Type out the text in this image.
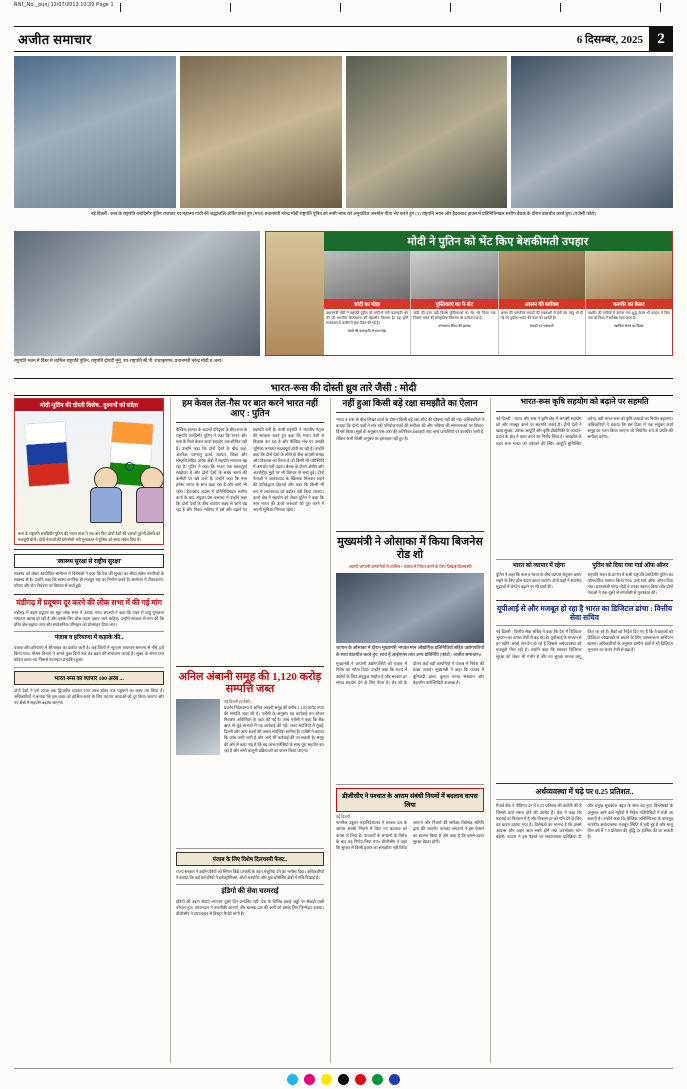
RNI_No._punj 12/07/2013 10:39 Page 1
अजीत समाचार	6 दिसम्बर, 2025 2
नई दिल्ली : रूस के राष्ट्रपति व्लादिमीर पुतिन राजघाट पर महात्मा गांधी की श्रद्धांजलि अर्पित करते हुए (मध्य) प्रधानमंत्री नरेन्द्र मोदी राष्ट्रपति पुतिन को रूसी भाषा को अनुवादित अनमोल गीता भेंट करते हुए (3) राष्ट्रपति भवन और हैदराबाद हाउस में प्रतिनिधिमंडल स्तरीय बैठक के दौरान बातचीत करते हुए। (एजेंसी फोटो)
मोदी ने पुतिन को भेंट किए बेशकीमती उपहार
चांदी का घोड़ा
प्रधानमंत्री मोदी ने राष्ट्रपति पुतिन को चांदी से बनी कलाकृति भेंट की जो भारतीय शिल्पकला की बेहतरीन मिसाल है। यह कृति राजस्थान के कारीगरों द्वारा तैयार की गई है।
चांदी की कलाकृति से बना घोड़ा
पुस्तिकाएं का पै-सेट
चांदी की परत चढ़ी विशेष पुस्तिकाओं का सेट भेंट किया गया जिसमें भारत की सांस्कृतिक विरासत को दर्शाया गया है।
परंपरागत शिल्प की झलक
आसम की ब्लॉक्स
असम की पारंपरिक लकड़ी की नक्काशी से बनी भेंट वस्तु भी दी गई जो पूर्वोत्तर भारत की कला को दर्शाती है।
लकड़ी पर नक्काशी
कश्मीर का केसर
कश्मीर की वादियों में उगाया गया शुद्ध केसर भी उपहार में दिया गया जो विश्व में सर्वश्रेष्ठ माना जाता है।
खालिस केसर का डिब्बा
राष्ट्रपति भवन में विंडर में शामिल राष्ट्रपति पुतिन, राष्ट्रपति द्रौपदी मुर्मू, उप-राष्ट्रपति सी.पी. राधाकृष्णन, प्रधानमंत्री नरेन्द्र मोदी व अन्य।
भारत-रूस की दोस्ती ध्रुव तारे जैसी : मोदी
मोदी-पुतिन की दोस्ती विशेष.. दुश्मनों को संदेश
रूस के राष्ट्रपति व्लादिमीर पुतिन की भारत यात्रा ने एक बार फिर दोनों देशों की दशकों पुरानी दोस्ती को मजबूती दी है। दोनों नेताओं की गर्मजोशी भरी मुलाकात ने दुनिया को साफ संदेश दिया है।
'स्वास्थ्य सुरक्षा से राष्ट्रीय सुरक्षा'
स्वास्थ्य को लेकर आयोजित सम्मेलन में विशेषज्ञों ने कहा कि देश की सुरक्षा का सीधा संबंध नागरिकों के स्वास्थ्य से है। उन्होंने कहा कि स्वस्थ नागरिक ही मजबूत राष्ट्र का निर्माण करते हैं। सम्मेलन में टीकाकरण, पोषण और रोग नियंत्रण पर विस्तार से चर्चा हुई।
चंडीगढ़ में प्रदूषण दूर करने की लोक सभा में की गई मांग
चंडीगढ़ में बढ़ते प्रदूषण का मुद्दा लोक सभा में उठाया गया। सदस्यों ने कहा कि शहर में वायु गुणवत्ता लगातार खराब हो रही है और इसके लिए ठोस कदम उठाए जाने चाहिए। उन्होंने सरकार से मांग की कि हरित क्षेत्र बढ़ाया जाए और सार्वजनिक परिवहन को प्रोत्साहन दिया जाए।
पंजाब व हरियाणा में कड़ाके की..
पंजाब और हरियाणा में शीतलहर का प्रकोप जारी है। कई जिलों में न्यूनतम तापमान सामान्य से नीचे दर्ज किया गया। मौसम विभाग ने अगले कुछ दिनों तक ठंड बढ़ने की संभावना जताई है। सुबह के समय घना कोहरा छाया रहा जिससे यातायात प्रभावित हुआ।
भारत-रूस का व्यापार 100 अरब ...
दोनों देशों ने वर्ष 2030 तक द्विपक्षीय व्यापार 100 अरब डॉलर तक पहुंचाने का लक्ष्य तय किया है। अधिकारियों ने बताया कि इस लक्ष्य को हासिल करने के लिए व्यापार बाधाओं को दूर किया जाएगा और नए क्षेत्रों में सहयोग बढ़ाया जाएगा।
हम केवल तेल-गैस पर बात करने भारत नहीं आए : पुतिन
वैश्विक हालात के बदलते परिदृश्य के बीच रूस के राष्ट्रपति व्लादिमीर पुतिन ने कहा कि भारत और रूस के रिश्ते केवल ऊर्जा सहयोग तक सीमित नहीं हैं। उन्होंने कहा कि दोनों देशों के बीच रक्षा, अंतरिक्ष, परमाणु ऊर्जा, व्यापार, शिक्षा और संस्कृति सहित अनेक क्षेत्रों में सहयोग लगातार बढ़ रहा है। पुतिन ने कहा कि भारत एक महत्वपूर्ण साझेदार है और दोनों देशों के संबंध समय की कसौटी पर खरे उतरे हैं। उन्होंने कहा कि रूस हमेशा भारत के साथ खड़ा रहा है और आगे भी रहेगा। हैदराबाद हाउस में प्रतिनिधिमंडल स्तरीय वार्ता के बाद संयुक्त प्रेस वक्तव्य में उन्होंने कहा कि दोनों देशों के बीच व्यापार लक्ष्य से आगे बढ़ रहा है और निकट भविष्य में इसे और बढ़ाने पर सहमति बनी है। रूसी राष्ट्रपति ने भारतीय नेतृत्व की सराहना करते हुए कहा कि भारत तेजी से विकास कर रहा है और वैश्विक मंच पर उसकी भूमिका लगातार महत्वपूर्ण होती जा रही है। उन्होंने कहा कि दोनों देशों के लोगों के बीच आपसी समझ और विश्वास का रिश्ता है जो किसी भी परिस्थिति में कमजोर नहीं पड़ता। बैठक के दौरान क्षेत्रीय और अंतर्राष्ट्रीय मुद्दों पर भी विस्तार से चर्चा हुई। दोनों नेताओं ने आतंकवाद के खिलाफ मिलकर लड़ने की प्रतिबद्धता दोहराई और कहा कि किसी भी रूप में आतंकवाद को बर्दाश्त नहीं किया जाएगा। ऊर्जा क्षेत्र में सहयोग को लेकर पुतिन ने कहा कि रूस भारत की ऊर्जा जरूरतों को पूरा करने में अपनी भूमिका निभाता रहेगा।
अनिल अंबानी समूह की 1,120 करोड़ सम्पत्ति जब्त
नई दिल्ली (एजेंसी) :
प्रवर्तन निदेशालय ने अनिल अंबानी समूह की करीब 1,120 करोड़ रुपए की सम्पत्ति जब्त की है। एजेंसी के अनुसार यह कार्रवाई धन शोधन निवारण अधिनियम के तहत की गई है। जांच एजेंसी ने कहा कि बैंक ऋण से जुड़े मामलों में यह कार्रवाई की गई। जब्त संपत्तियों में मुंबई, दिल्ली और अन्य शहरों की अचल संपत्तियां शामिल हैं। एजेंसी ने बताया कि जांच अभी जारी है और आगे भी कार्रवाई की जा सकती है। समूह की ओर से कहा गया है कि वह जांच एजेंसियों के साथ पूरा सहयोग कर रहा है और सभी कानूनी प्रक्रियाओं का पालन किया जाएगा।
पंजाब के लिए विशेष दिलचस्पी फैक्ट..
राज्य सरकार ने उद्योगपतियों को सिंगल विंडो प्रणाली के तहत मंजूरियां देने का भरोसा दिया। अधिकारियों ने बताया कि कई कम्पनियों ने इलेक्ट्रॉनिक्स, ऑटो कम्पोनेंट और फूड प्रोसेसिंग क्षेत्रों में रुचि दिखाई है।
इंडिगो की सेवा चरमराई
इंडिगो की उड़ान सेवाएं लगातार दूसरे दिन प्रभावित रहीं। देश के विभिन्न हवाई अड्डों पर सैकड़ों यात्री परेशान हुए। एयरलाइन ने तकनीकी कारणों और चालक दल की कमी को इसके लिए जिम्मेदार बताया। डीजीसीए ने एयरलाइन से विस्तृत रिपोर्ट मांगी है।
नहीं हुआ किसी बड़े रक्षा समझौते का ऐलान
भारत व रूस के बीच शिखर वार्ता के दौरान किसी बड़े रक्षा सौदे की घोषणा नहीं की गई। अधिकारियों ने बताया कि दोनों पक्षों ने चल रही परियोजनाओं की समीक्षा की और भविष्य की संभावनाओं पर विचार-विमर्श किया। सूत्रों के अनुसार एस-400 की अतिरिक्त इकाइयों तथा अन्य प्रणालियों पर बातचीत जारी है, लेकिन अभी किसी अनुबंध पर हस्ताक्षर नहीं हुए हैं।
मुख्यमंत्री ने ओसाका में किया बिजनेस रोड शो
अग्रणी जापानी कम्पनियों में शामिल • पंजाब में निवेश करने के लिए दिखाई दिलचस्पी
जापान के ओसाका में दौरान मुख्यमंत्री भगवंत मान औद्योगिक प्रतिनिधियों सहित उद्योगपतियों के साथ बातचीत करते हुए, साथ हैं आईएएस तथा अन्य प्रतिनिधि (फोटो : अजीत समाचार)।
मुख्यमंत्री ने जापानी उद्योगपतियों को पंजाब में निवेश का न्यौता दिया। उन्होंने कहा कि राज्य में उद्योगों के लिए अनुकूल माहौल है और सरकार हर संभव सहयोग देने के लिए तैयार है। रोड शो के दौरान कई बड़ी कम्पनियों ने पंजाब में निवेश की इच्छा जताई। मुख्यमंत्री ने कहा कि पंजाब में बुनियादी ढांचा, कुशल मानव संसाधन और बेहतरीन कनेक्टिविटी उपलब्ध है।
डीजीसीए ने पश्चात के आराम संबंधी नियमों में बदलाव वापस लिया
नई दिल्ली :
नागरिक उड्डयन महानिदेशालय ने चालक दल के आराम संबंधी नियमों में किए गए बदलाव को वापस ले लिया है। पायलटों के संगठनों के विरोध के बाद यह निर्णय लिया गया। डीजीसीए ने कहा कि सुरक्षा से किसी प्रकार का समझौता नहीं किया जाएगा और नियमों की समीक्षा विशेषज्ञ समिति द्वारा की जाएगी। पायलट संगठनों ने इस फैसले का स्वागत किया है और कहा है कि इससे उड़ान सुरक्षा बेहतर होगी।
भारत-रूस कृषि सहयोग को बढ़ाने पर सहमति
नई दिल्ली : भारत और रूस ने कृषि क्षेत्र में आपसी सहयोग को और मजबूत करने पर सहमति जताई है। दोनों देशों ने खाद्य सुरक्षा, उर्वरक आपूर्ति और कृषि प्रौद्योगिकी के आदान-प्रदान के क्षेत्र में काम करने का निर्णय लिया है। समझौते के तहत रूस भारत को उर्वरकों की स्थिर आपूर्ति सुनिश्चित करेगा, वहीं भारत रूस को कृषि उत्पादों का निर्यात बढ़ाएगा। अधिकारियों ने बताया कि इस दिशा में एक संयुक्त कार्य समूह का गठन किया जाएगा जो नियमित रूप से प्रगति की समीक्षा करेगा।
भारत को व्यापार में रहेगा
पुतिन ने कहा कि रूस व भारत के बीच व्यापार संतुलन बनाए रखने के लिए ठोस कदम उठाए जाएंगे। दोनों पक्षों ने स्थानीय मुद्राओं में लेनदेन बढ़ाने पर भी चर्चा की।
पुतिन को दिया गया गार्ड ऑफ ऑनर
राष्ट्रपति भवन के प्रांगण में रूसी राष्ट्रपति व्लादिमीर पुतिन का औपचारिक स्वागत किया गया। उन्हें गार्ड ऑफ ऑनर दिया गया। प्रधानमंत्री नरेन्द्र मोदी ने उनका स्वागत किया और दोनों नेताओं ने एक-दूसरे से गर्मजोशी से मुलाकात की।
यूपीआई से और मजबूत हो रहा है भारत का डिजिटल ढांचा : वित्तीय सेवा सचिव
नई दिल्ली : वित्तीय सेवा सचिव ने कहा कि देश में डिजिटल भुगतान का दायरा तेजी से बढ़ रहा है। यूपीआई के माध्यम से हर महीने अरबों लेन-देन हो रहे हैं जिससे अर्थव्यवस्था को मजबूती मिल रही है। उन्होंने कहा कि सरकार डिजिटल सुरक्षा को लेकर भी गंभीर है और नए सुरक्षा मानक लागू किए जा रहे हैं। बैंकों को निर्देश दिए गए हैं कि वे ग्राहकों को डिजिटल धोखाधड़ी से बचाने के लिए जागरूकता अभियान चलाएं। अधिकारियों के अनुसार ग्रामीण क्षेत्रों में भी डिजिटल भुगतान का चलन तेजी से बढ़ा है।
अर्थव्यवस्था में चढ़े पर 0.25 प्रतिशत..
रिजर्व बैंक ने नीतिगत दर में 0.25 प्रतिशत की कटौती की है जिससे कर्ज सस्ता होने की उम्मीद है। बैंक ने कहा कि महंगाई दर नियंत्रण में है और विकास दर को गति देने के लिए यह कदम उठाया गया है। विशेषज्ञों का मानना है कि इससे आवास और वाहन ऋण सस्ते होंगे तथा उपभोक्ता मांग बढ़ेगी। बाजार ने इस फैसले पर सकारात्मक प्रतिक्रिया दी और प्रमुख सूचकांक बढ़त के साथ बंद हुए। विश्लेषकों के अनुसार आने वाले महीनों में निवेश गतिविधियों में तेजी आ सकती है। उन्होंने कहा कि वैश्विक अनिश्चितता के बावजूद भारतीय अर्थव्यवस्था मजबूत स्थिति में बनी हुई है और चालू वित्त वर्ष में 7.5 प्रतिशत की वृद्धि दर हासिल की जा सकती है।
